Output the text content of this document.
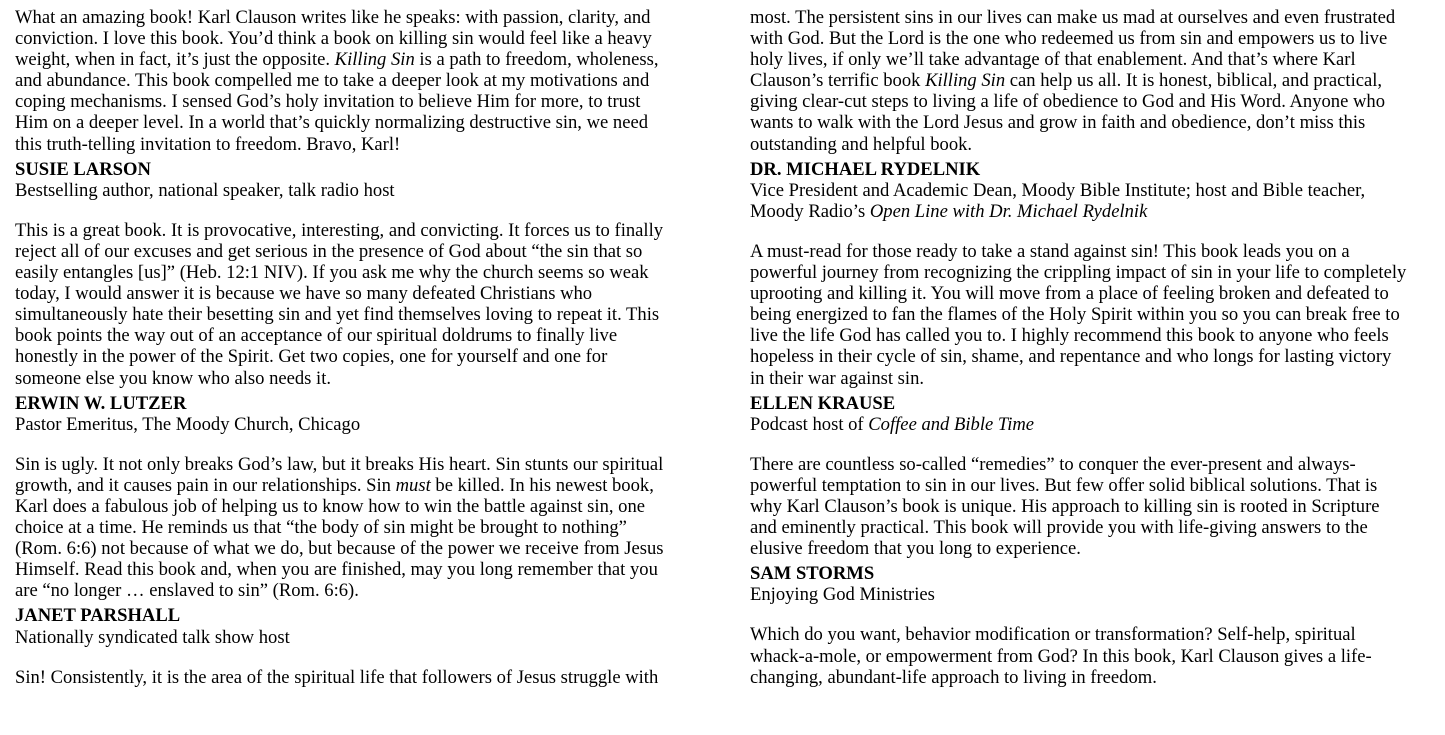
What an amazing book! Karl Clauson writes like he speaks: with passion, clarity, and
conviction. I love this book. You’d think a book on killing sin would feel like a heavy
weight, when in fact, it’s just the opposite. Killing Sin is a path to freedom, wholeness,
and abundance. This book compelled me to take a deeper look at my motivations and
coping mechanisms. I sensed God’s holy invitation to believe Him for more, to trust
Him on a deeper level. In a world that’s quickly normalizing destructive sin, we need
this truth-telling invitation to freedom. Bravo, Karl!
SUSIE LARSON
Bestselling author, national speaker, talk radio host
This is a great book. It is provocative, interesting, and convicting. It forces us to finally
reject all of our excuses and get serious in the presence of God about “the sin that so
easily entangles [us]” (Heb. 12:1 NIV). If you ask me why the church seems so weak
today, I would answer it is because we have so many defeated Christians who
simultaneously hate their besetting sin and yet find themselves loving to repeat it. This
book points the way out of an acceptance of our spiritual doldrums to finally live
honestly in the power of the Spirit. Get two copies, one for yourself and one for
someone else you know who also needs it.
ERWIN W. LUTZER
Pastor Emeritus, The Moody Church, Chicago
Sin is ugly. It not only breaks God’s law, but it breaks His heart. Sin stunts our spiritual
growth, and it causes pain in our relationships. Sin must be killed. In his newest book,
Karl does a fabulous job of helping us to know how to win the battle against sin, one
choice at a time. He reminds us that “the body of sin might be brought to nothing”
(Rom. 6:6) not because of what we do, but because of the power we receive from Jesus
Himself. Read this book and, when you are finished, may you long remember that you
are “no longer … enslaved to sin” (Rom. 6:6).
JANET PARSHALL
Nationally syndicated talk show host
Sin! Consistently, it is the area of the spiritual life that followers of Jesus struggle with
most. The persistent sins in our lives can make us mad at ourselves and even frustrated
with God. But the Lord is the one who redeemed us from sin and empowers us to live
holy lives, if only we’ll take advantage of that enablement. And that’s where Karl
Clauson’s terrific book Killing Sin can help us all. It is honest, biblical, and practical,
giving clear-cut steps to living a life of obedience to God and His Word. Anyone who
wants to walk with the Lord Jesus and grow in faith and obedience, don’t miss this
outstanding and helpful book.
DR. MICHAEL RYDELNIK
Vice President and Academic Dean, Moody Bible Institute; host and Bible teacher,
Moody Radio’s Open Line with Dr. Michael Rydelnik
A must-read for those ready to take a stand against sin! This book leads you on a
powerful journey from recognizing the crippling impact of sin in your life to completely
uprooting and killing it. You will move from a place of feeling broken and defeated to
being energized to fan the flames of the Holy Spirit within you so you can break free to
live the life God has called you to. I highly recommend this book to anyone who feels
hopeless in their cycle of sin, shame, and repentance and who longs for lasting victory
in their war against sin.
ELLEN KRAUSE
Podcast host of Coffee and Bible Time
There are countless so-called “remedies” to conquer the ever-present and always-
powerful temptation to sin in our lives. But few offer solid biblical solutions. That is
why Karl Clauson’s book is unique. His approach to killing sin is rooted in Scripture
and eminently practical. This book will provide you with life-giving answers to the
elusive freedom that you long to experience.
SAM STORMS
Enjoying God Ministries
Which do you want, behavior modification or transformation? Self-help, spiritual
whack-a-mole, or empowerment from God? In this book, Karl Clauson gives a life-
changing, abundant-life approach to living in freedom.
